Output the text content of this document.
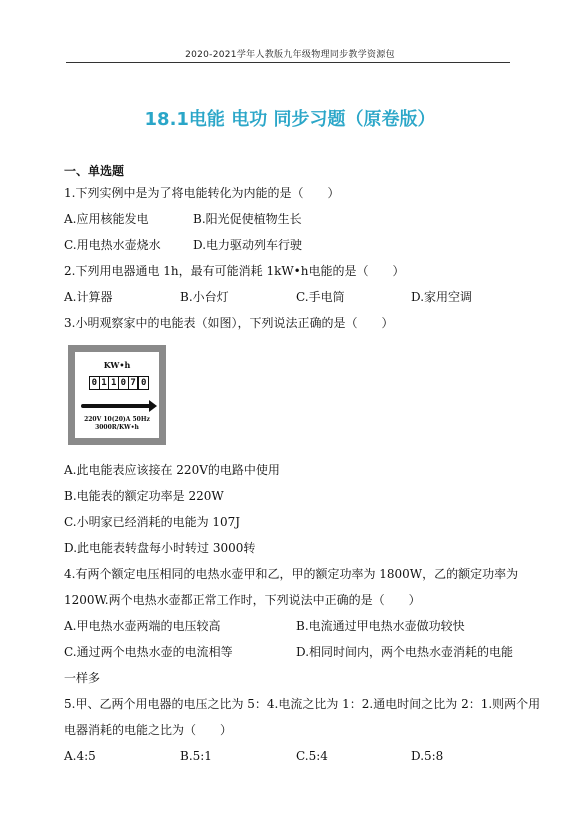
2020-2021学年人教版九年级物理同步教学资源包
18.1电能 电功 同步习题（原卷版）
一、单选题
1.下列实例中是为了将电能转化为内能的是（　　）
A.应用核能发电	B.阳光促使植物生长
C.用电热水壶烧水	D.电力驱动列车行驶
2.下列用电器通电 1h，最有可能消耗 1kW•h电能的是（　　）
A.计算器	B.小台灯	C.手电筒	D.家用空调
3.小明观察家中的电能表（如图），下列说法正确的是（　　）
KW•h
0 1 1 0 7 0
220V 10(20)A 50Hz
3000R/KW•h
A.此电能表应该接在 220V的电路中使用
B.电能表的额定功率是 220W
C.小明家已经消耗的电能为 107J
D.此电能表转盘每小时转过 3000转
4.有两个额定电压相同的电热水壶甲和乙，甲的额定功率为 1800W，乙的额定功率为
1200W.两个电热水壶都正常工作时，下列说法中正确的是（　　）
A.甲电热水壶两端的电压较高	B.电流通过甲电热水壶做功较快
C.通过两个电热水壶的电流相等	D.相同时间内，两个电热水壶消耗的电能
一样多
5.甲、乙两个用电器的电压之比为 5：4.电流之比为 1：2.通电时间之比为 2：1.则两个用
电器消耗的电能之比为（　　）
A.4:5	B.5:1	C.5:4	D.5:8
